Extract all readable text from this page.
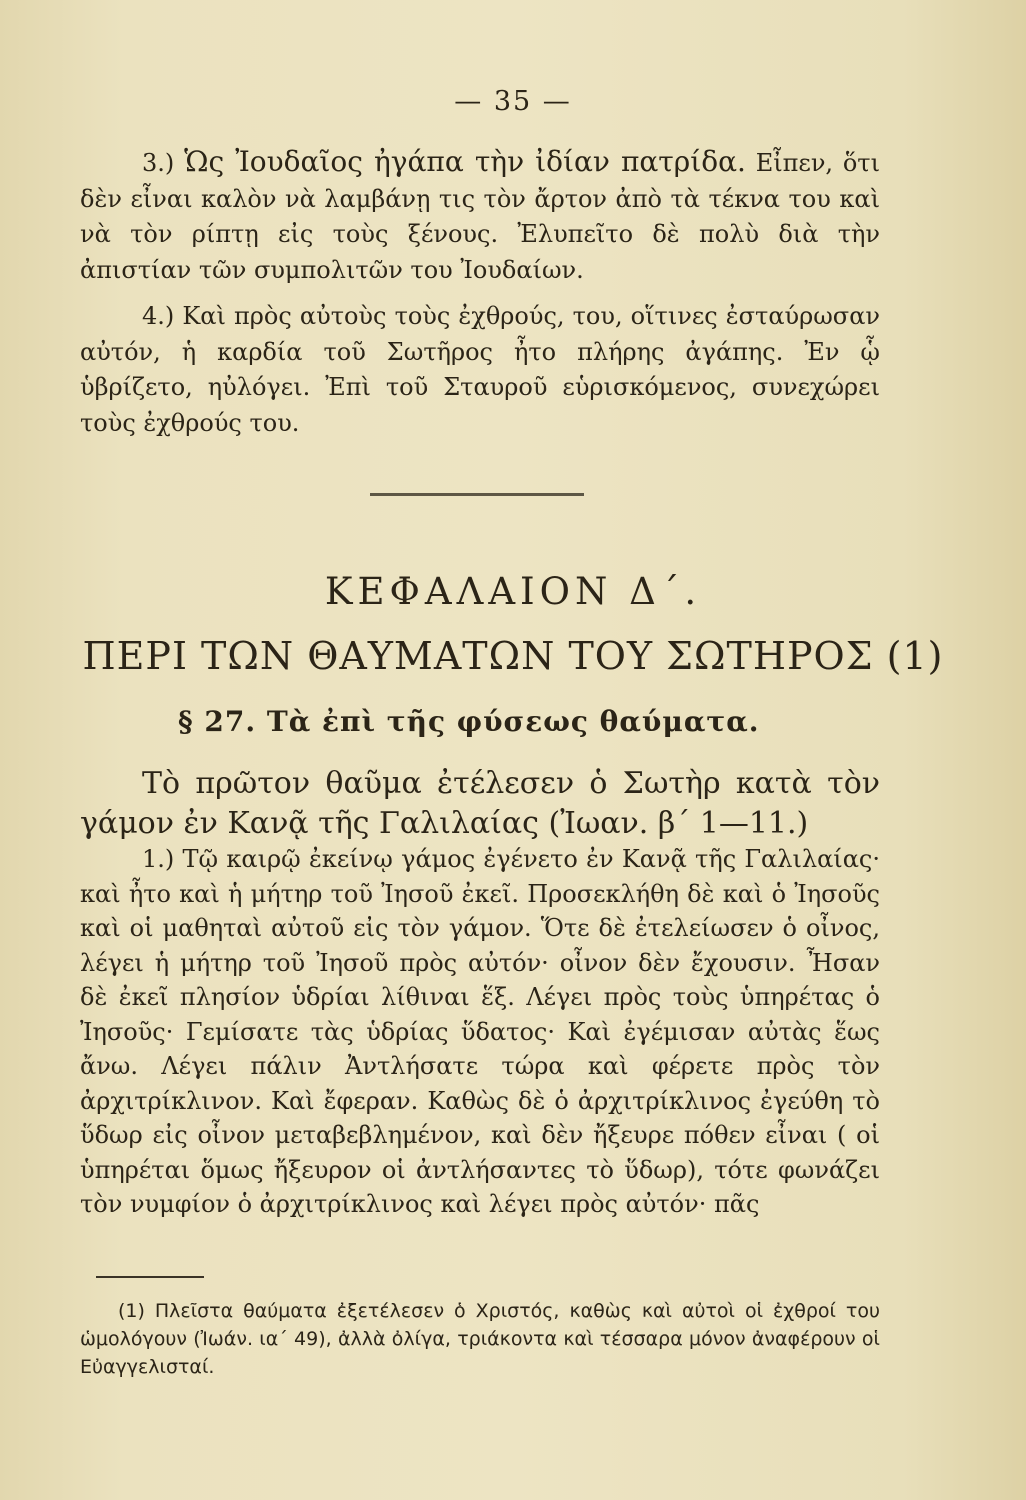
— 35 —

3.) Ὡς Ἰουδαῖος ἠγάπα τὴν ἰδίαν πατρίδα. Εἶπεν, ὅτι δὲν εἶναι καλὸν νὰ λαμβάνῃ τις τὸν ἄρτον ἀπὸ τὰ τέκνα του καὶ νὰ τὸν ρίπτῃ εἰς τοὺς ξένους. Ἐλυπεῖτο δὲ πολὺ διὰ τὴν ἀπιστίαν τῶν συμπολιτῶν του Ἰουδαίων.

4.) Καὶ πρὸς αὐτοὺς τοὺς ἐχθρούς, του, οἵτινες ἐσταύρωσαν αὐτόν, ἡ καρδία τοῦ Σωτῆρος ἦτο πλήρης ἀγάπης. Ἐν ᾧ ὑβρίζετο, ηὐλόγει. Ἐπὶ τοῦ Σταυροῦ εὑρισκόμενος, συνεχώρει τοὺς ἐχθρούς του.

ΚΕΦΑΛΑΙΟΝ Δ΄.
ΠΕΡΙ ΤΩΝ ΘΑΥΜΑΤΩΝ ΤΟΥ ΣΩΤΗΡΟΣ (1)
§ 27. Τὰ ἐπὶ τῆς φύσεως θαύματα.

Τὸ πρῶτον θαῦμα ἐτέλεσεν ὁ Σωτὴρ κατὰ τὸν γάμον ἐν Κανᾷ τῆς Γαλιλαίας (Ἰωαν. β΄ 1—11.)

1.) Τῷ καιρῷ ἐκείνῳ γάμος ἐγένετο ἐν Κανᾷ τῆς Γαλιλαίας· καὶ ἦτο καὶ ἡ μήτηρ τοῦ Ἰησοῦ ἐκεῖ. Προσεκλήθη δὲ καὶ ὁ Ἰησοῦς καὶ οἱ μαθηταὶ αὐτοῦ εἰς τὸν γάμον. Ὅτε δὲ ἐτελείωσεν ὁ οἶνος, λέγει ἡ μήτηρ τοῦ Ἰησοῦ πρὸς αὐτόν· οἶνον δὲν ἔχουσιν. Ἦσαν δὲ ἐκεῖ πλησίον ὑδρίαι λίθιναι ἕξ. Λέγει πρὸς τοὺς ὑπηρέτας ὁ Ἰησοῦς· Γεμίσατε τὰς ὑδρίας ὕδατος· Καὶ ἐγέμισαν αὐτὰς ἕως ἄνω. Λέγει πάλιν Ἀντλήσατε τώρα καὶ φέρετε πρὸς τὸν ἀρχιτρίκλινον. Καὶ ἔφεραν. Καθὼς δὲ ὁ ἀρχιτρίκλινος ἐγεύθη τὸ ὕδωρ εἰς οἶνον μεταβεβλημένον, καὶ δὲν ἤξευρε πόθεν εἶναι ( οἱ ὑπηρέται ὅμως ἤξευρον οἱ ἀντλήσαντες τὸ ὕδωρ), τότε φωνάζει τὸν νυμφίον ὁ ἀρχιτρίκλινος καὶ λέγει πρὸς αὐτόν· πᾶς

(1) Πλεῖστα θαύματα ἐξετέλεσεν ὁ Χριστός, καθὼς καὶ αὐτοὶ οἱ ἐχθροί του ὡμολόγουν (Ἰωάν. ια΄ 49), ἀλλὰ ὀλίγα, τριάκοντα καὶ τέσσαρα μόνον ἀναφέρουν οἱ Εὐαγγελισταί.
